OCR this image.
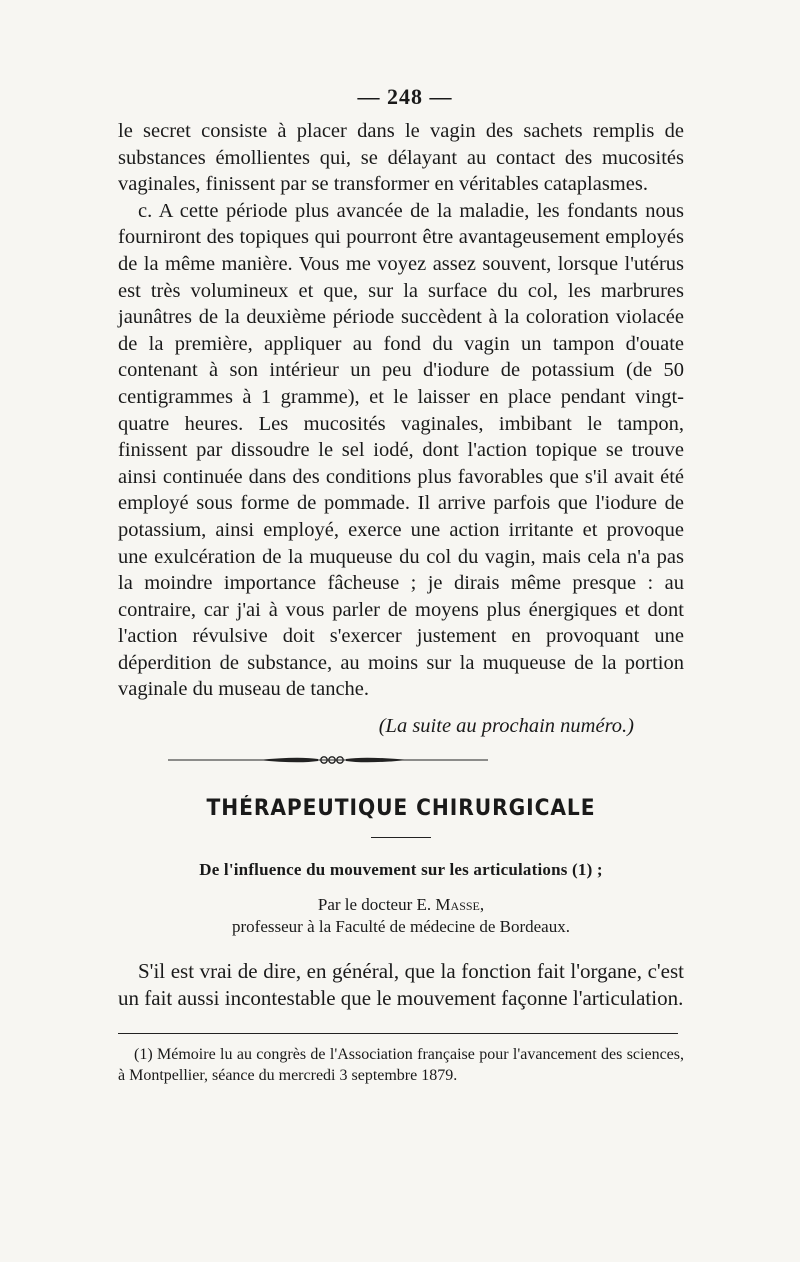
— 248 —

le secret consiste à placer dans le vagin des sachets remplis de substances émollientes qui, se délayant au contact des mucosités vaginales, finissent par se transformer en véritables cataplasmes.

c. A cette période plus avancée de la maladie, les fondants nous fourniront des topiques qui pourront être avantageusement employés de la même manière. Vous me voyez assez souvent, lorsque l'utérus est très volumineux et que, sur la surface du col, les marbrures jaunâtres de la deuxième période succèdent à la coloration violacée de la première, appliquer au fond du vagin un tampon d'ouate contenant à son intérieur un peu d'iodure de potassium (de 50 centigrammes à 1 gramme), et le laisser en place pendant vingt-quatre heures. Les mucosités vaginales, imbibant le tampon, finissent par dissoudre le sel iodé, dont l'action topique se trouve ainsi continuée dans des conditions plus favorables que s'il avait été employé sous forme de pommade. Il arrive parfois que l'iodure de potassium, ainsi employé, exerce une action irritante et provoque une exulcération de la muqueuse du col du vagin, mais cela n'a pas la moindre importance fâcheuse ; je dirais même presque : au contraire, car j'ai à vous parler de moyens plus énergiques et dont l'action révulsive doit s'exercer justement en provoquant une déperdition de substance, au moins sur la muqueuse de la portion vaginale du museau de tanche.

(La suite au prochain numéro.)
THÉRAPEUTIQUE CHIRURGICALE
De l'influence du mouvement sur les articulations (1) ;
Par le docteur E. Masse,
professeur à la Faculté de médecine de Bordeaux.

S'il est vrai de dire, en général, que la fonction fait l'organe, c'est un fait aussi incontestable que le mouvement façonne l'articulation.

(1) Mémoire lu au congrès de l'Association française pour l'avancement des sciences, à Montpellier, séance du mercredi 3 septembre 1879.
